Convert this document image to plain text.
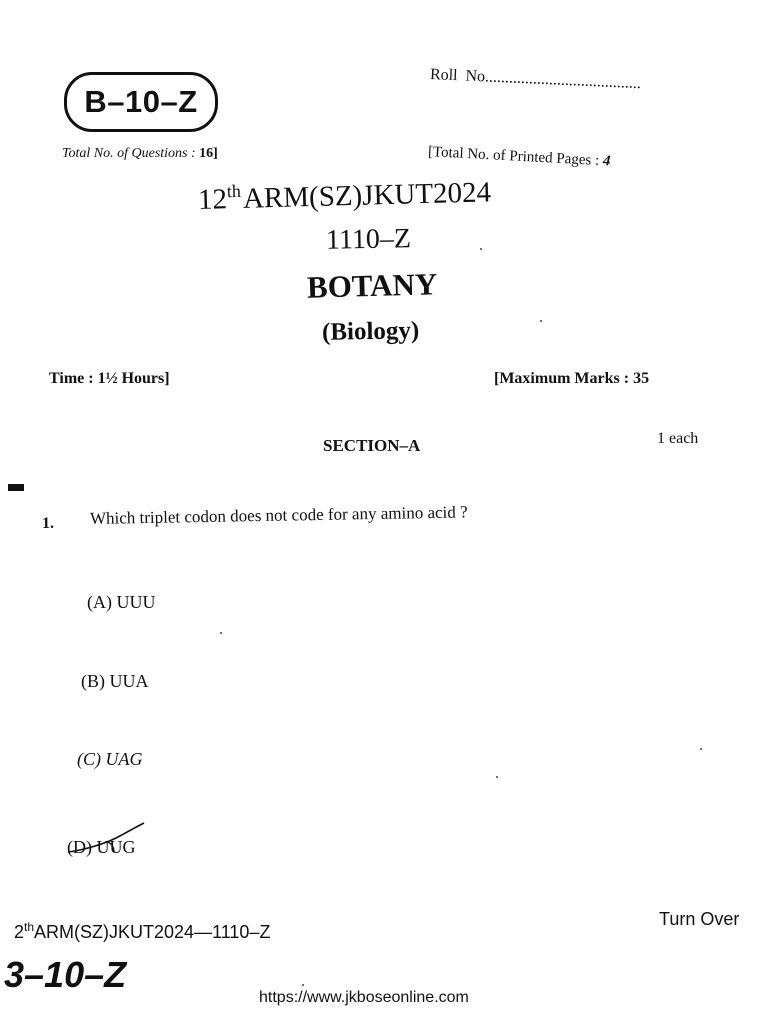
B–10–Z
Roll No.......................................
Total No. of Questions : 16]	[Total No. of Printed Pages : 4
12thARM(SZ)JKUT2024
1110–Z
BOTANY
(Biology)
Time : 1½ Hours]	[Maximum Marks : 35
SECTION–A	1 each
1. Which triplet codon does not code for any amino acid ?
(A) UUU
(B) UUA
(C) UAG
(D) UUG
2thARM(SZ)JKUT2024—1110–Z
Turn Over
3–10–Z
https://www.jkboseonline.com
